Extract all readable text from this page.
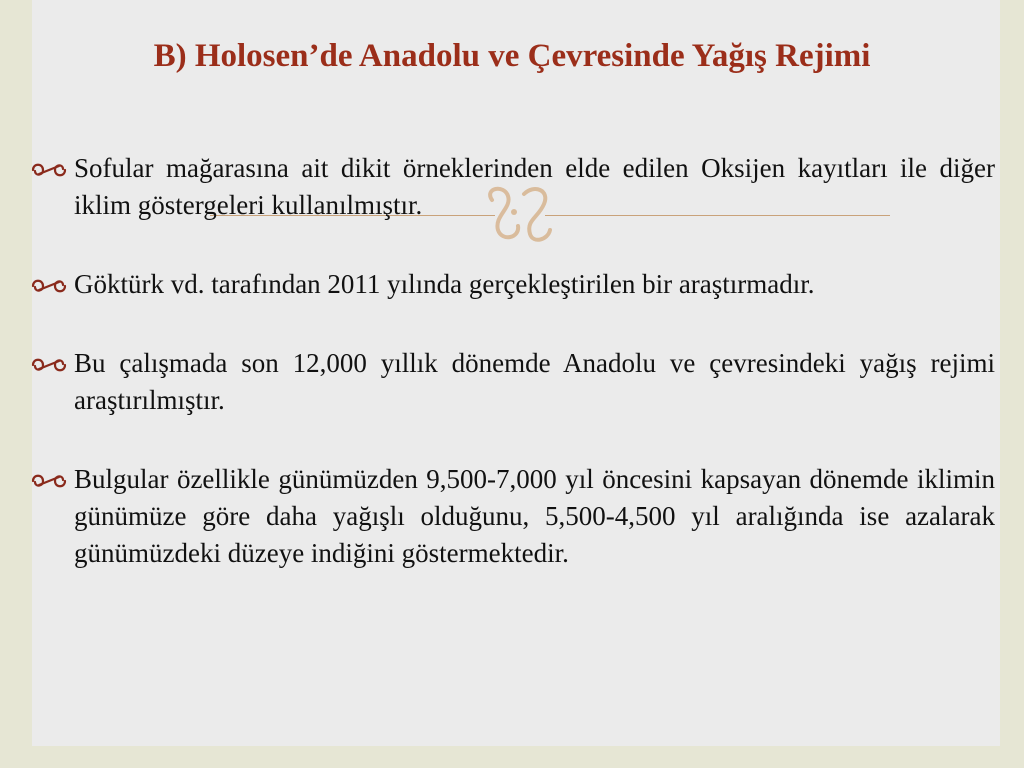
B) Holosen’de Anadolu ve Çevresinde Yağış Rejimi
Sofular mağarasına ait dikit örneklerinden elde edilen Oksijen kayıtları ile diğer iklim göstergeleri kullanılmıştır.
Göktürk vd. tarafından 2011 yılında gerçekleştirilen bir araştırmadır.
Bu çalışmada son 12,000 yıllık dönemde Anadolu ve çevresindeki yağış rejimi araştırılmıştır.
Bulgular özellikle günümüzden 9,500-7,000 yıl öncesini kapsayan dönemde iklimin günümüze göre daha yağışlı olduğunu, 5,500-4,500 yıl aralığında ise azalarak günümüzdeki düzeye indiğini göstermektedir.
